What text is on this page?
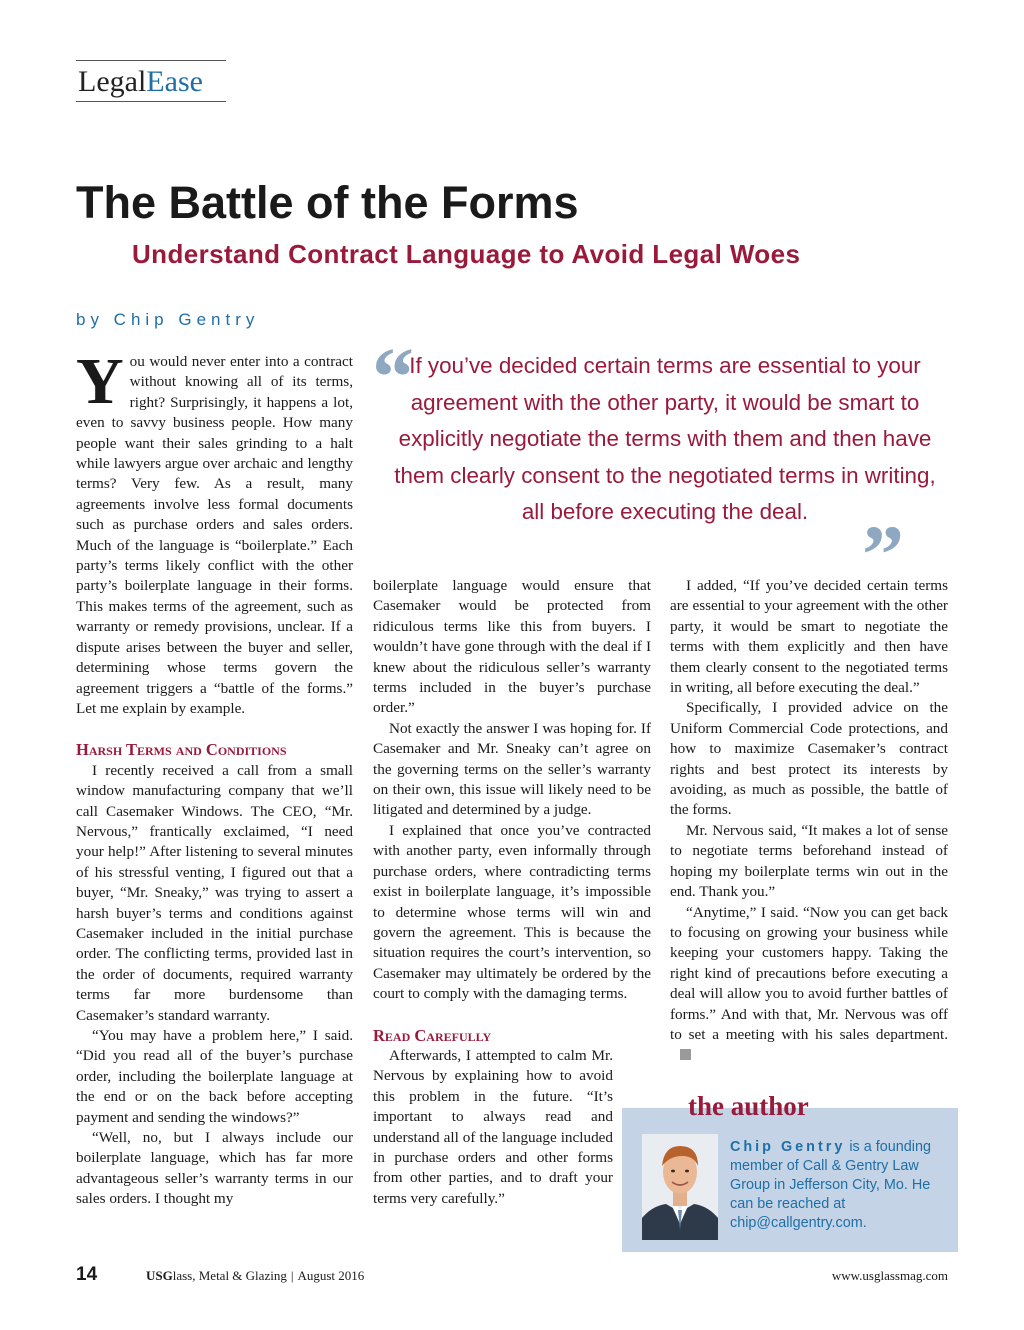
LegalEase
The Battle of the Forms
Understand Contract Language to Avoid Legal Woes
by Chip Gentry
“
If you’ve decided certain terms are essential to your agreement with the other party, it would be smart to explicitly negotiate the terms with them and then have them clearly consent to the negotiated terms in writing, all before executing the deal. ”

You would never enter into a contract without knowing all of its terms, right? Surprisingly, it happens a lot, even to savvy business people. How many people want their sales grinding to a halt while lawyers argue over archaic and lengthy terms? Very few. As a result, many agreements involve less formal documents such as purchase orders and sales orders. Much of the language is “boilerplate.” Each party’s terms likely conflict with the other party’s boilerplate language in their forms. This makes terms of the agreement, such as warranty or remedy provisions, unclear. If a dispute arises between the buyer and seller, determining whose terms govern the agreement triggers a “battle of the forms.” Let me explain by example.

Harsh Terms and Conditions

I recently received a call from a small window manufacturing company that we’ll call Casemaker Windows. The CEO, “Mr. Nervous,” frantically exclaimed, “I need your help!” After listening to several minutes of his stressful venting, I figured out that a buyer, “Mr. Sneaky,” was trying to assert a harsh buyer’s terms and conditions against Casemaker included in the initial purchase order. The conflicting terms, provided last in the order of documents, required warranty terms far more burdensome than Casemaker’s standard warranty.

“You may have a problem here,” I said. “Did you read all of the buyer’s purchase order, including the boilerplate language at the end or on the back before accepting payment and sending the windows?”

“Well, no, but I always include our boilerplate language, which has far more advantageous seller’s warranty terms in our sales orders. I thought my

boilerplate language would ensure that Casemaker would be protected from ridiculous terms like this from buyers. I wouldn’t have gone through with the deal if I knew about the ridiculous seller’s warranty terms included in the buyer’s purchase order.”

Not exactly the answer I was hoping for. If Casemaker and Mr. Sneaky can’t agree on the governing terms on the seller’s warranty on their own, this issue will likely need to be litigated and determined by a judge.

I explained that once you’ve contracted with another party, even informally through purchase orders, where contradicting terms exist in boilerplate language, it’s impossible to determine whose terms will win and govern the agreement. This is because the situation requires the court’s intervention, so Casemaker may ultimately be ordered by the court to comply with the damaging terms.

Read Carefully

Afterwards, I attempted to calm Mr. Nervous by explaining how to avoid this problem in the future. “It’s important to always read and understand all of the language included in purchase orders and other forms from other parties, and to draft your terms very carefully.”

I added, “If you’ve decided certain terms are essential to your agreement with the other party, it would be smart to negotiate the terms with them explicitly and then have them clearly consent to the negotiated terms in writing, all before executing the deal.”

Specifically, I provided advice on the Uniform Commercial Code protections, and how to maximize Casemaker’s contract rights and best protect its interests by avoiding, as much as possible, the battle of the forms.

Mr. Nervous said, “It makes a lot of sense to negotiate terms beforehand instead of hoping my boilerplate terms win out in the end. Thank you.”

“Anytime,” I said. “Now you can get back to focusing on growing your business while keeping your customers happy. Taking the right kind of precautions before executing a deal will allow you to avoid further battles of forms.” And with that, Mr. Nervous was off to set a meeting with his sales department.

the author
Chip Gentry is a founding member of Call & Gentry Law Group in Jefferson City, Mo. He can be reached at chip@callgentry.com.
14	USGlass, Metal & Glazing | August 2016	www.usglassmag.com
